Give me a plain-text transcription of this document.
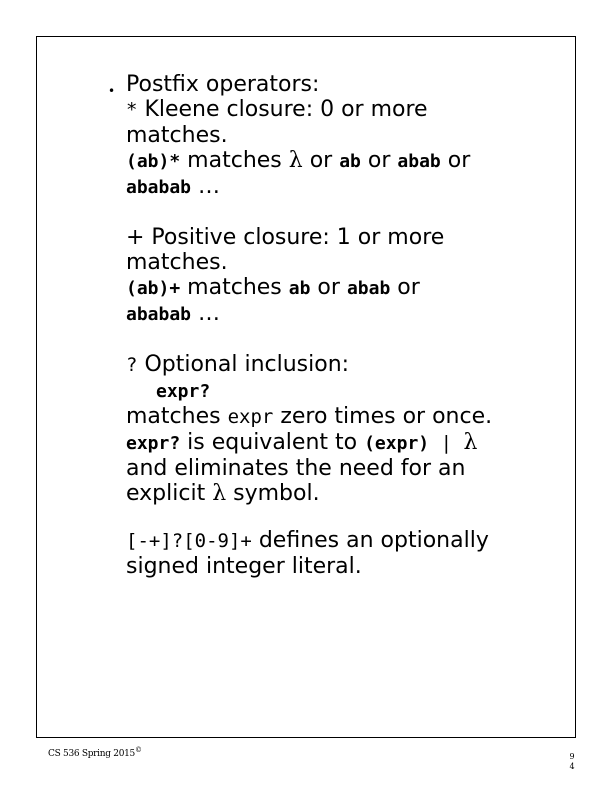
• Postfix operators:

* Kleene closure: 0 or more

matches.

(ab)* matches λ or ab or abab or

ababab …

+ Positive closure: 1 or more

matches.

(ab)+ matches ab or abab or

ababab …

? Optional inclusion:

expr?

matches expr zero times or once.

expr? is equivalent to (expr) | λ

and eliminates the need for an

explicit λ symbol.

[-+]?[0-9]+ defines an optionally

signed integer literal.

CS 536 Spring 2015©
9
4
